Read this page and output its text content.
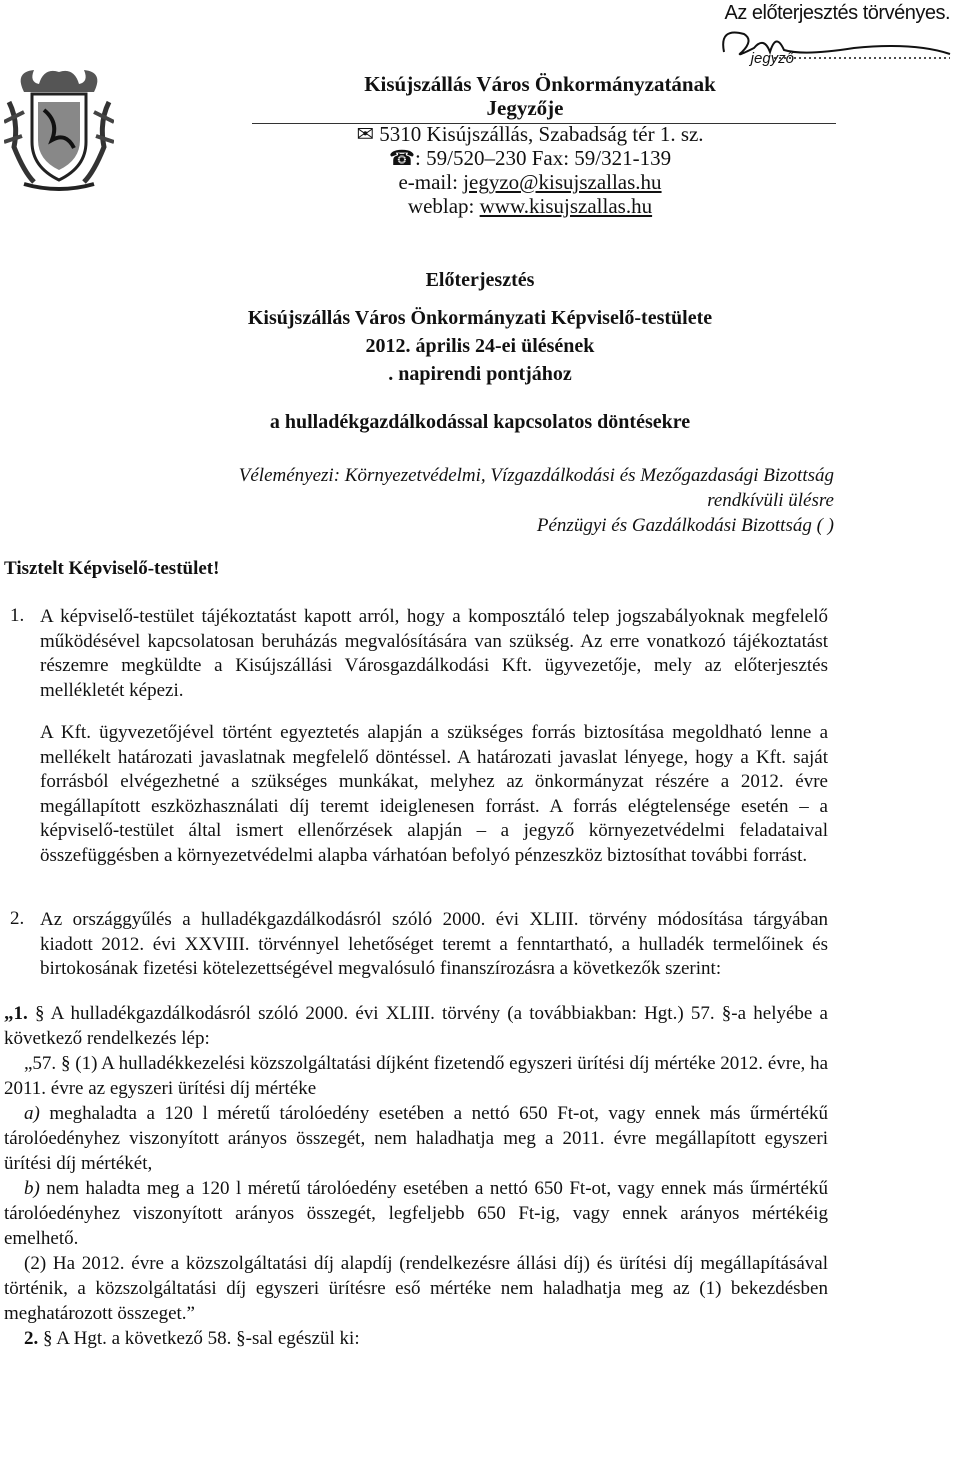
Az előterjesztés törvényes.
jegyző
Kisújszállás Város Önkormányzatának
Jegyzője
✉ 5310 Kisújszállás, Szabadság tér 1. sz.
☎: 59/520–230 Fax: 59/321-139
e-mail: jegyzo@kisujszallas.hu
weblap: www.kisujszallas.hu
Előterjesztés
Kisújszállás Város Önkormányzati Képviselő-testülete
2012. április 24-ei ülésének
. napirendi pontjához
a hulladékgazdálkodással kapcsolatos döntésekre
Véleményezi: Környezetvédelmi, Vízgazdálkodási és Mezőgazdasági Bizottság
rendkívüli ülésre
Pénzügyi és Gazdálkodási Bizottság ( )
Tisztelt Képviselő-testület!
1. A képviselő-testület tájékoztatást kapott arról, hogy a komposztáló telep jogszabályoknak megfelelő működésével kapcsolatosan beruházás megvalósítására van szükség. Az erre vonatkozó tájékoztatást részemre megküldte a Kisújszállási Városgazdálkodási Kft. ügyvezetője, mely az előterjesztés mellékletét képezi.
A Kft. ügyvezetőjével történt egyeztetés alapján a szükséges forrás biztosítása megoldható lenne a mellékelt határozati javaslatnak megfelelő döntéssel. A határozati javaslat lényege, hogy a Kft. saját forrásból elvégezhetné a szükséges munkákat, melyhez az önkormányzat részére a 2012. évre megállapított eszközhasználati díj teremt ideiglenesen forrást. A forrás elégtelensége esetén – a képviselő-testület által ismert ellenőrzések alapján – a jegyző környezetvédelmi feladataival összefüggésben a környezetvédelmi alapba várhatóan befolyó pénzeszköz biztosíthat további forrást.
2. Az országgyűlés a hulladékgazdálkodásról szóló 2000. évi XLIII. törvény módosítása tárgyában kiadott 2012. évi XXVIII. törvénnyel lehetőséget teremt a fenntartható, a hulladék termelőinek és birtokosának fizetési kötelezettségével megvalósuló finanszírozásra a következők szerint:
„1. § A hulladékgazdálkodásról szóló 2000. évi XLIII. törvény (a továbbiakban: Hgt.) 57. §-a helyébe a következő rendelkezés lép:
„57. § (1) A hulladékkezelési közszolgáltatási díjként fizetendő egyszeri ürítési díj mértéke 2012. évre, ha 2011. évre az egyszeri ürítési díj mértéke
a) meghaladta a 120 l méretű tárolóedény esetében a nettó 650 Ft-ot, vagy ennek más űrmértékű tárolóedényhez viszonyított arányos összegét, nem haladhatja meg a 2011. évre megállapított egyszeri ürítési díj mértékét,
b) nem haladta meg a 120 l méretű tárolóedény esetében a nettó 650 Ft-ot, vagy ennek más űrmértékű tárolóedényhez viszonyított arányos összegét, legfeljebb 650 Ft-ig, vagy ennek arányos mértékéig emelhető.
(2) Ha 2012. évre a közszolgáltatási díj alapdíj (rendelkezésre állási díj) és ürítési díj megállapításával történik, a közszolgáltatási díj egyszeri ürítésre eső mértéke nem haladhatja meg az (1) bekezdésben meghatározott összeget.”
2. § A Hgt. a következő 58. §-sal egészül ki:
